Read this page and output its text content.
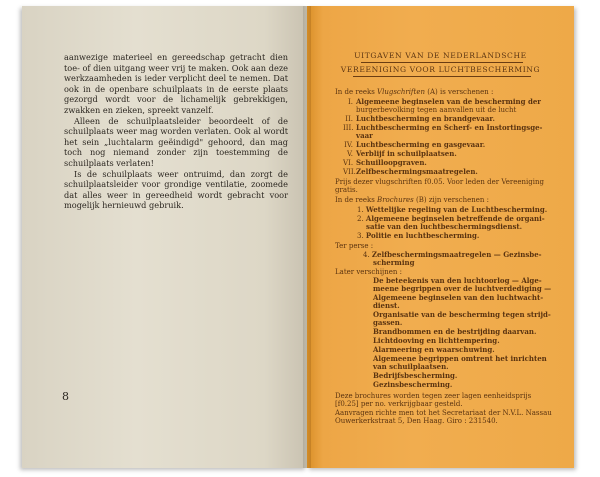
aanwezige materieel en gereedschap getracht dien toe- of dien uitgang weer vrij te maken. Ook aan deze werkzaamheden is ieder verplicht deel te nemen. Dat ook in de openbare schuilplaats in de eerste plaats gezorgd wordt voor de lichamelijk gebrekkigen, zwakken en zieken, spreekt vanzelf.

Alleen de schuilplaatsleider beoordeelt of de schuilplaats weer mag worden verlaten. Ook al wordt het sein „luchtalarm geëindigd" gehoord, dan mag toch nog niemand zonder zijn toestemming de schuilplaats verlaten!

Is de schuilplaats weer ontruimd, dan zorgt de schuilplaatsleider voor grondige ventilatie, zoomede dat alles weer in gereedheid wordt gebracht voor mogelijk hernieuwd gebruik.

8
UITGAVEN VAN DE NEDERLANDSCHE
VEREENIGING VOOR LUCHTBESCHERMING
In de reeks Vlugschriften (A) is verschenen :
I. Algemeene beginselen van de bescherming der
burgerbevolking tegen aanvallen uit de lucht
II. Luchtbescherming en brandgevaar.
III. Luchtbescherming en Scherf- en Instortingsge-
vaar
IV. Luchtbescherming en gasgevaar.
V. Verblijf in schuilplaatsen.
VI. Schuilloopgraven.
VII.Zelfbeschermingsmaatregelen.
Prijs dezer vlugschriften f0.05. Voor leden der Vereeniging
gratis.
In de reeks Brochures (B) zijn verschenen :
1. Wettelijke regeling van de Luchtbescherming.
2. Algemeene beginselen betreffende de organi-
satie van den luchtbeschermingsdienst.
3. Politie en luchtbescherming.
Ter perse :
4. Zelfbeschermingsmaatregelen — Gezinsbe-
scherming
Later verschijnen :
De beteekenis van den luchtoorlog — Alge-
meene begrippen over de luchtverdediging —
Algemeene beginselen van den luchtwacht-
dienst.
Organisatie van de bescherming tegen strijd-
gassen.
Brandbommen en de bestrijding daarvan.
Lichtdooving en lichttempering.
Alarmeering en waarschuwing.
Algemeene begrippen omtrent het inrichten
van schuilplaatsen.
Bedrijfsbescherming.
Gezinsbescherming.
Deze brochures worden tegen zeer lagen eenheidsprijs
[f0.25] per no. verkrijgbaar gesteld.
Aanvragen richte men tot het Secretariaat der N.V.L. Nassau
Ouwerkerkstraat 5, Den Haag. Giro : 231540.
